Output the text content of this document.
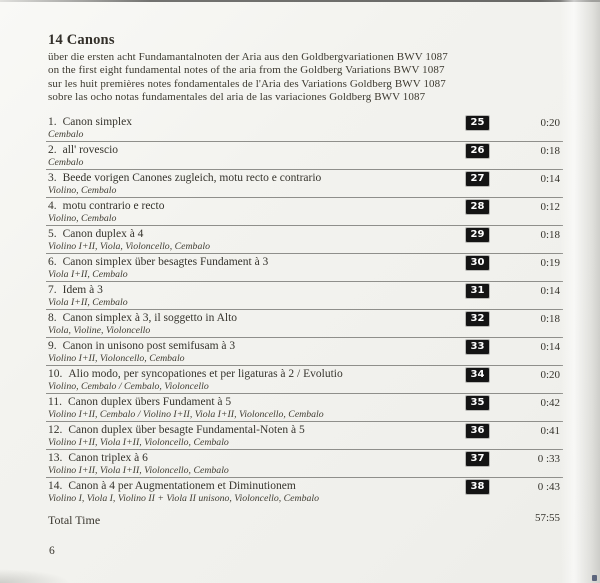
14 Canons
über die ersten acht Fundamantalnoten der Aria aus den Goldbergvariationen BWV 1087
on the first eight fundamental notes of the aria from the Goldberg Variations BWV 1087
sur les huit premières notes fondamentales de l'Aria des Variations Goldberg BWV 1087
sobre las ocho notas fundamentales del aria de las variaciones Goldberg BWV 1087
1. Canon simplex
Cembalo
25	0:20
2. all' rovescio
Cembalo
26	0:18
3. Beede vorigen Canones zugleich, motu recto e contrario
Violino, Cembalo
27	0:14
4. motu contrario e recto
Violino, Cembalo
28	0:12
5. Canon duplex à 4
Violino I+II, Viola, Violoncello, Cembalo
29	0:18
6. Canon simplex über besagtes Fundament à 3
Viola I+II, Cembalo
30	0:19
7. Idem à 3
Viola I+II, Cembalo
31	0:14
8. Canon simplex à 3, il soggetto in Alto
Viola, Violine, Violoncello
32	0:18
9. Canon in unisono post semifusam à 3
Violino I+II, Violoncello, Cembalo
33	0:14
10. Alio modo, per syncopationes et per ligaturas à 2 / Evolutio
Violino, Cembalo / Cembalo, Violoncello
34	0:20
11. Canon duplex übers Fundament à 5
Violino I+II, Cembalo / Violino I+II, Viola I+II, Violoncello, Cembalo
35	0:42
12. Canon duplex über besagte Fundamental-Noten à 5
Violino I+II, Viola I+II, Violoncello, Cembalo
36	0:41
13. Canon triplex à 6
Violino I+II, Viola I+II, Violoncello, Cembalo
37	0 :33
14. Canon à 4 per Augmentationem et Diminutionem
Violino I, Viola I, Violino II + Viola II unisono, Violoncello, Cembalo
38	0 :43
Total Time	57:55
6
